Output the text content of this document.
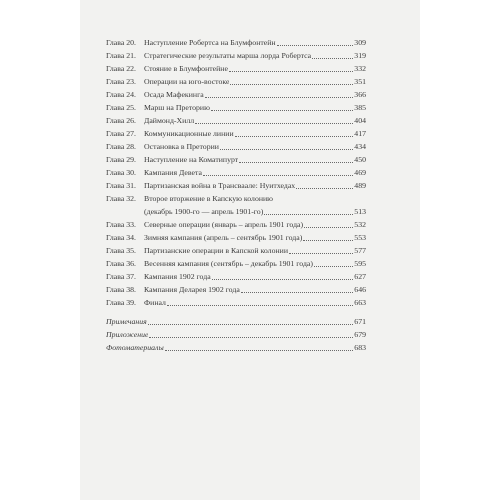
Глава 20.	Наступление Робертса на Блумфонтейн	309
Глава 21.	Стратегические результаты марша лорда Робертса	319
Глава 22.	Стояние в Блумфонтейне	332
Глава 23.	Операции на юго-востоке	351
Глава 24.	Осада Мафекинга	366
Глава 25.	Марш на Преторию	385
Глава 26.	Даймонд-Хилл	404
Глава 27.	Коммуникационные линии	417
Глава 28.	Остановка в Претории	434
Глава 29.	Наступление на Коматипурт	450
Глава 30.	Кампания Девета	469
Глава 31.	Партизанская война в Трансваале: Нуитхедах	489
Глава 32.	Второе вторжение в Капскую колонию
(декабрь 1900-го — апрель 1901-го)	513
Глава 33.	Северные операции (январь – апрель 1901 года)	532
Глава 34.	Зимняя кампания (апрель – сентябрь 1901 года)	553
Глава 35.	Партизанские операции в Капской колонии	577
Глава 36.	Весенняя кампания (сентябрь – декабрь 1901 года)	595
Глава 37.	Кампания 1902 года	627
Глава 38.	Кампания Деларея 1902 года	646
Глава 39.	Финал	663
Примечания	671
Приложение	679
Фотоматериалы	683
